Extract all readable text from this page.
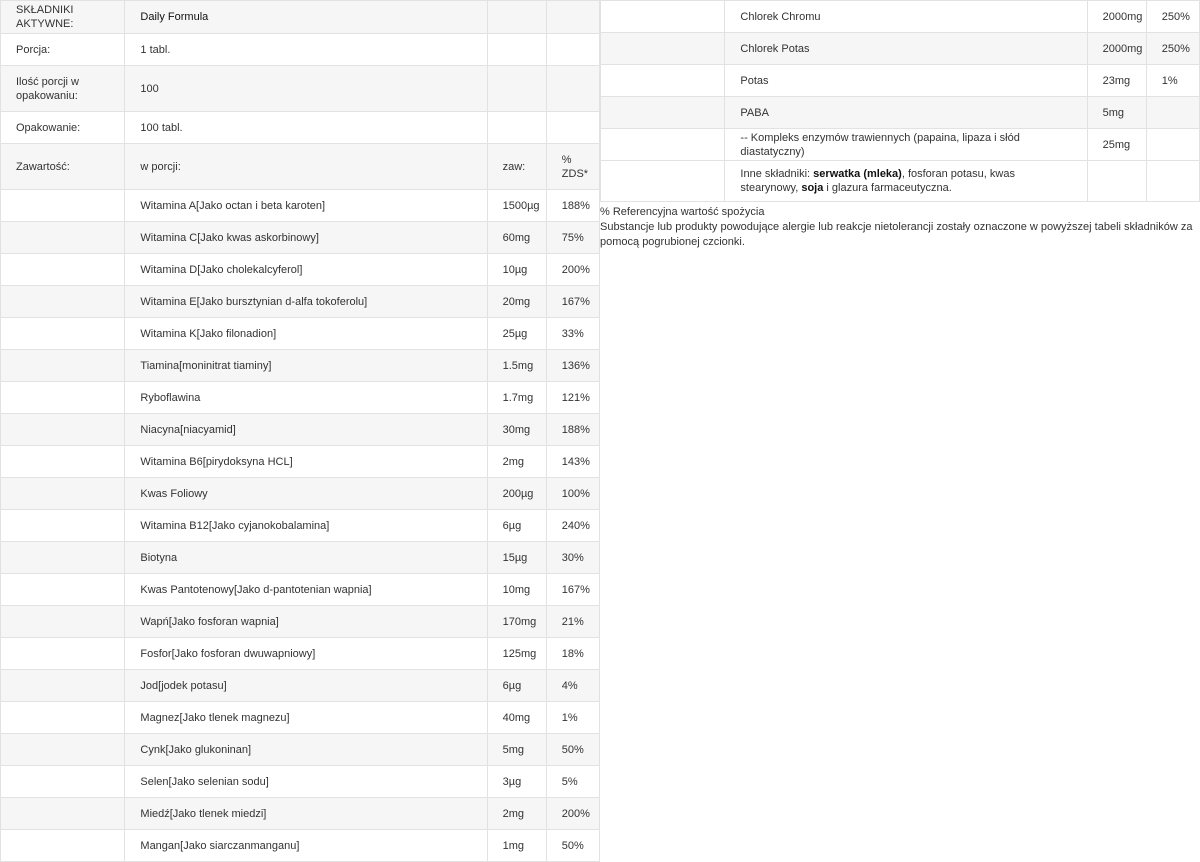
SKŁADNIKI AKTYWNE:	Daily Formula		
Porcja:	1 tabl.		
Ilość porcji w opakowaniu:	100		
Opakowanie:	100 tabl.		
Zawartość:	w porcji:	zaw:	% ZDS*
	Witamina A[Jako octan i beta karoten]	1500µg	188%
	Witamina C[Jako kwas askorbinowy]	60mg	75%
	Witamina D[Jako cholekalcyferol]	10µg	200%
	Witamina E[Jako bursztynian d-alfa tokoferolu]	20mg	167%
	Witamina K[Jako filonadion]	25µg	33%
	Tiamina[moninitrat tiaminy]	1.5mg	136%
	Ryboflawina	1.7mg	121%
	Niacyna[niacyamid]	30mg	188%
	Witamina B6[pirydoksyna HCL]	2mg	143%
	Kwas Foliowy	200µg	100%
	Witamina B12[Jako cyjanokobalamina]	6µg	240%
	Biotyna	15µg	30%
	Kwas Pantotenowy[Jako d-pantotenian wapnia]	10mg	167%
	Wapń[Jako fosforan wapnia]	170mg	21%
	Fosfor[Jako fosforan dwuwapniowy]	125mg	18%
	Jod[jodek potasu]	6µg	4%
	Magnez[Jako tlenek magnezu]	40mg	1%
	Cynk[Jako glukoninan]	5mg	50%
	Selen[Jako selenian sodu]	3µg	5%
	Miedź[Jako tlenek miedzi]	2mg	200%
	Mangan[Jako siarczanmanganu]	1mg	50%
	Chlorek Chromu	2000mg	250%
	Chlorek Potas	2000mg	250%
	Potas	23mg	1%
	PABA	5mg	
	-- Kompleks enzymów trawiennych (papaina, lipaza i słód diastatyczny)	25mg	
	Inne składniki: serwatka (mleka), fosforan potasu, kwas stearynowy, soja i glazura farmaceutyczna.		
% Referencyjna wartość spożycia
Substancje lub produkty powodujące alergie lub reakcje nietolerancji zostały oznaczone w powyższej tabeli składników za pomocą pogrubionej czcionki.
